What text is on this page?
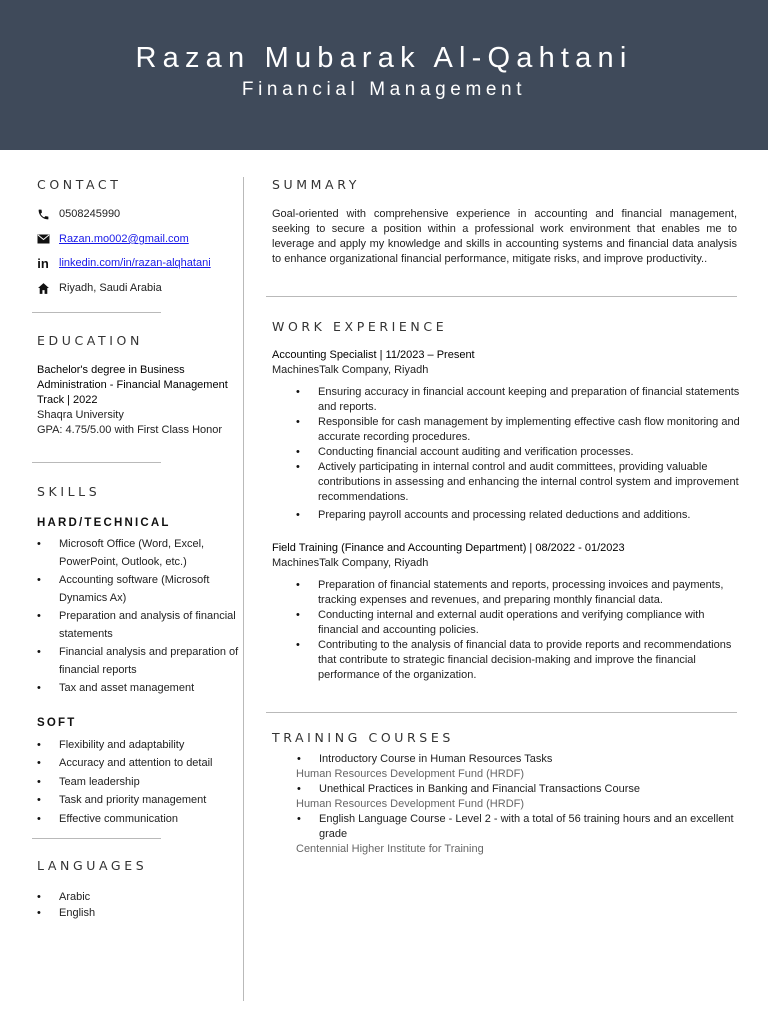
Razan Mubarak Al-Qahtani
Financial Management
CONTACT
0508245990
Razan.mo002@gmail.com
in linkedin.com/in/razan-alqhatani
Riyadh, Saudi Arabia
EDUCATION
Bachelor's degree in Business
Administration - Financial Management
Track | 2022
Shaqra University
GPA: 4.75/5.00 with First Class Honor
SKILLS
HARD/TECHNICAL
• Microsoft Office (Word, Excel, PowerPoint, Outlook, etc.)
• Accounting software (Microsoft Dynamics Ax)
• Preparation and analysis of financial statements
• Financial analysis and preparation of financial reports
• Tax and asset management
SOFT
• Flexibility and adaptability
• Accuracy and attention to detail
• Team leadership
• Task and priority management
• Effective communication
LANGUAGES
• Arabic
• English
SUMMARY
Goal-oriented with comprehensive experience in accounting and financial management, seeking to secure a position within a professional work environment that enables me to leverage and apply my knowledge and skills in accounting systems and financial data analysis to enhance organizational financial performance, mitigate risks, and improve productivity..
WORK EXPERIENCE
Accounting Specialist | 11/2023 – Present
MachinesTalk Company, Riyadh
• Ensuring accuracy in financial account keeping and preparation of financial statements and reports.
• Responsible for cash management by implementing effective cash flow monitoring and accurate recording procedures.
• Conducting financial account auditing and verification processes.
• Actively participating in internal control and audit committees, providing valuable contributions in assessing and enhancing the internal control system and improvement recommendations.
• Preparing payroll accounts and processing related deductions and additions.
Field Training (Finance and Accounting Department) | 08/2022 - 01/2023
MachinesTalk Company, Riyadh
• Preparation of financial statements and reports, processing invoices and payments, tracking expenses and revenues, and preparing monthly financial data.
• Conducting internal and external audit operations and verifying compliance with financial and accounting policies.
• Contributing to the analysis of financial data to provide reports and recommendations that contribute to strategic financial decision-making and improve the financial performance of the organization.
TRAINING COURSES
• Introductory Course in Human Resources Tasks
Human Resources Development Fund (HRDF)
• Unethical Practices in Banking and Financial Transactions Course
Human Resources Development Fund (HRDF)
• English Language Course - Level 2 - with a total of 56 training hours and an excellent grade
Centennial Higher Institute for Training
